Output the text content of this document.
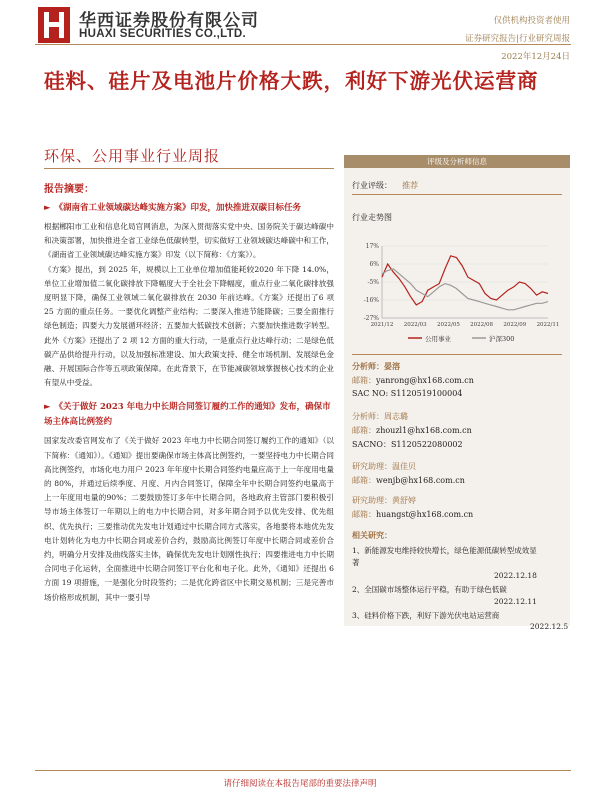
华西证券股份有限公司
HUAXI SECURITIES CO.,LTD.
仅供机构投资者使用
证券研究报告|行业研究周报
2022年12月24日
硅料、硅片及电池片价格大跌，利好下游光伏运营商
环保、公用事业行业周报
报告摘要：
► 《湖南省工业领域碳达峰实施方案》印发，加快推进双碳目标任务

根据郴阳市工业和信息化局官网消息，为深入贯彻落实党中央、国务院关于碳达峰碳中和决策部署，加快推进全省工业绿色低碳转型，切实做好工业领域碳达峰碳中和工作，《湖南省工业领域碳达峰实施方案》印发（以下简称：《方案》）。

《方案》提出，到 2025 年，规模以上工业单位增加值能耗较2020 年下降 14.0%，单位工业增加值二氧化碳排放下降幅度大于全社会下降幅度，重点行业二氧化碳排放强度明显下降，确保工业领域二氧化碳排放在 2030 年前达峰。《方案》还提出了6 项 25 方面的重点任务。一要优化调整产业结构；二要深入推进节能降碳；三要全面推行绿色制造；四要大力发展循环经济；五要加大低碳技术创新；六要加快推进数字转型。此外《方案》还提出了 2 项 12 方面的重大行动，一是重点行业达峰行动；二是绿色低碳产品供给提升行动，以及加强标准建设、加大政策支持、健全市场机制、发展绿色金融、开展国际合作等五项政策保障。在此背景下，在节能减碳领域掌握核心技术的企业有望从中受益。

► 《关于做好 2023 年电力中长期合同签订履约工作的通知》发布，确保市场主体高比例签约

国家发改委官网发布了《关于做好 2023 年电力中长期合同签订履约工作的通知》（以下简称：《通知》）。《通知》提出要确保市场主体高比例签约，一要坚持电力中长期合同高比例签约，市场化电力用户 2023 年年度中长期合同签约电量应高于上一年度用电量的 80%，并通过后续季度、月度、月内合同签订，保障全年中长期合同签约电量高于上一年度用电量的90%；二要鼓励签订多年中长期合同，各地政府主管部门要积极引导市场主体签订一年期以上的电力中长期合同，对多年期合同予以优先安排、优先组织、优先执行；三要推动优先发电计划通过中长期合同方式落实，各地要将本地优先发电计划转化为电力中长期合同或差价合约，鼓励高比例签订年度中长期合同或差价合约，明确分月安排及曲线落实主体，确保优先发电计划刚性执行；四要推进电力中长期合同电子化运转，全面推进中长期合同签订平台化和电子化。此外，《通知》还提出 6 方面 19 项措施，一是强化分时段签约；二是优化跨省区中长期交易机制；三是完善市场价格形成机制，其中一要引导

评级及分析师信息
行业评级： 推荐
行业走势图
17%
6%
-5%
-16%
-27%
2021/12 2022/03 2022/05 2022/08 2022/09 2022/11
公用事业	沪深300
分析师：晏溶
邮箱：yanrong@hx168.com.cn
SAC NO: S1120519100004
分析师：周志璐
邮箱：zhouzl1@hx168.com.cn
SACNO：S1120522080002
研究助理：温佳贝
邮箱：wenjb@hx168.com.cn
研究助理：黄舒婷
邮箱：huangst@hx168.com.cn
相关研究：
1、新能源发电维持较快增长，绿色能源低碳转型成效显著
2022.12.18
2、全国碳市场整体运行平稳，有助于绿色低碳
2022.12.11
3、硅料价格下跌，利好下游光伏电站运营商
2022.12.5
请仔细阅读在本报告尾部的重要法律声明
